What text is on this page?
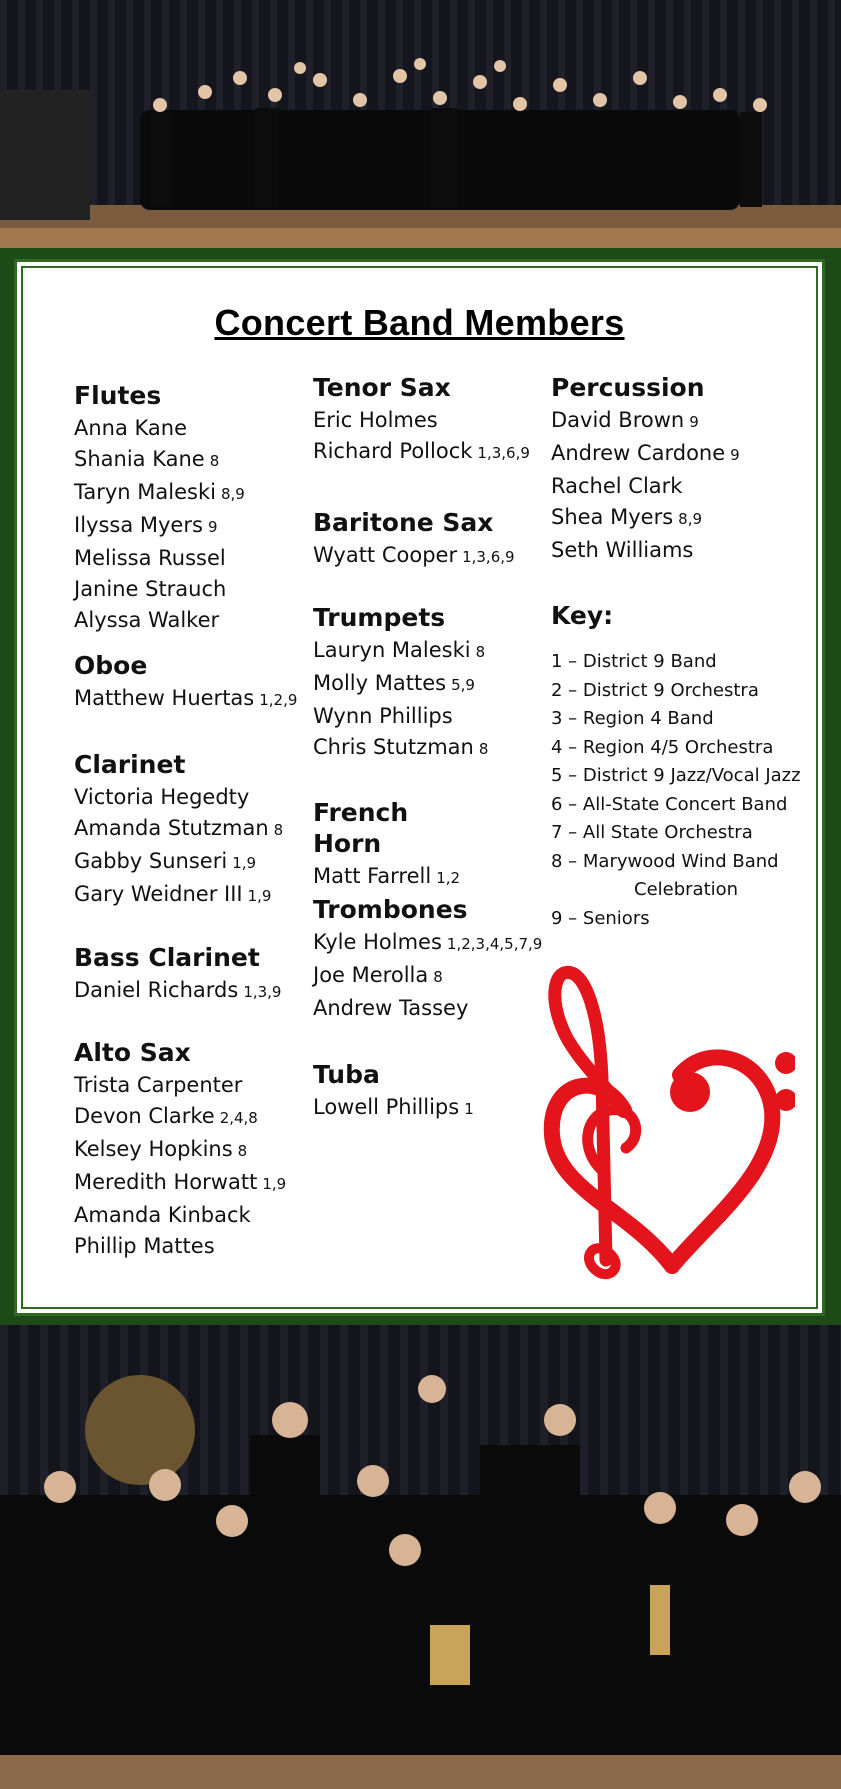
Concert Band Members
Flutes
Anna Kane
Shania Kane 8
Taryn Maleski 8,9
Ilyssa Myers 9
Melissa Russel
Janine Strauch
Alyssa Walker
Oboe
Matthew Huertas 1,2,9
Clarinet
Victoria Hegedty
Amanda Stutzman 8
Gabby Sunseri 1,9
Gary Weidner III 1,9
Bass Clarinet
Daniel Richards 1,3,9
Alto Sax
Trista Carpenter
Devon Clarke 2,4,8
Kelsey Hopkins 8
Meredith Horwatt 1,9
Amanda Kinback
Phillip Mattes
Tenor Sax
Eric Holmes
Richard Pollock 1,3,6,9
Baritone Sax
Wyatt Cooper 1,3,6,9
Trumpets
Lauryn Maleski 8
Molly Mattes 5,9
Wynn Phillips
Chris Stutzman 8
French Horn
Matt Farrell 1,2
Trombones
Kyle Holmes 1,2,3,4,5,7,9
Joe Merolla 8
Andrew Tassey
Tuba
Lowell Phillips 1
Percussion
David Brown 9
Andrew Cardone 9
Rachel Clark
Shea Myers 8,9
Seth Williams
Key:
1 – District 9 Band
2 – District 9 Orchestra
3 – Region 4 Band
4 – Region 4/5 Orchestra
5 – District 9 Jazz/Vocal Jazz
6 – All-State Concert Band
7 – All State Orchestra
8 – Marywood Wind Band
Celebration
9 – Seniors
